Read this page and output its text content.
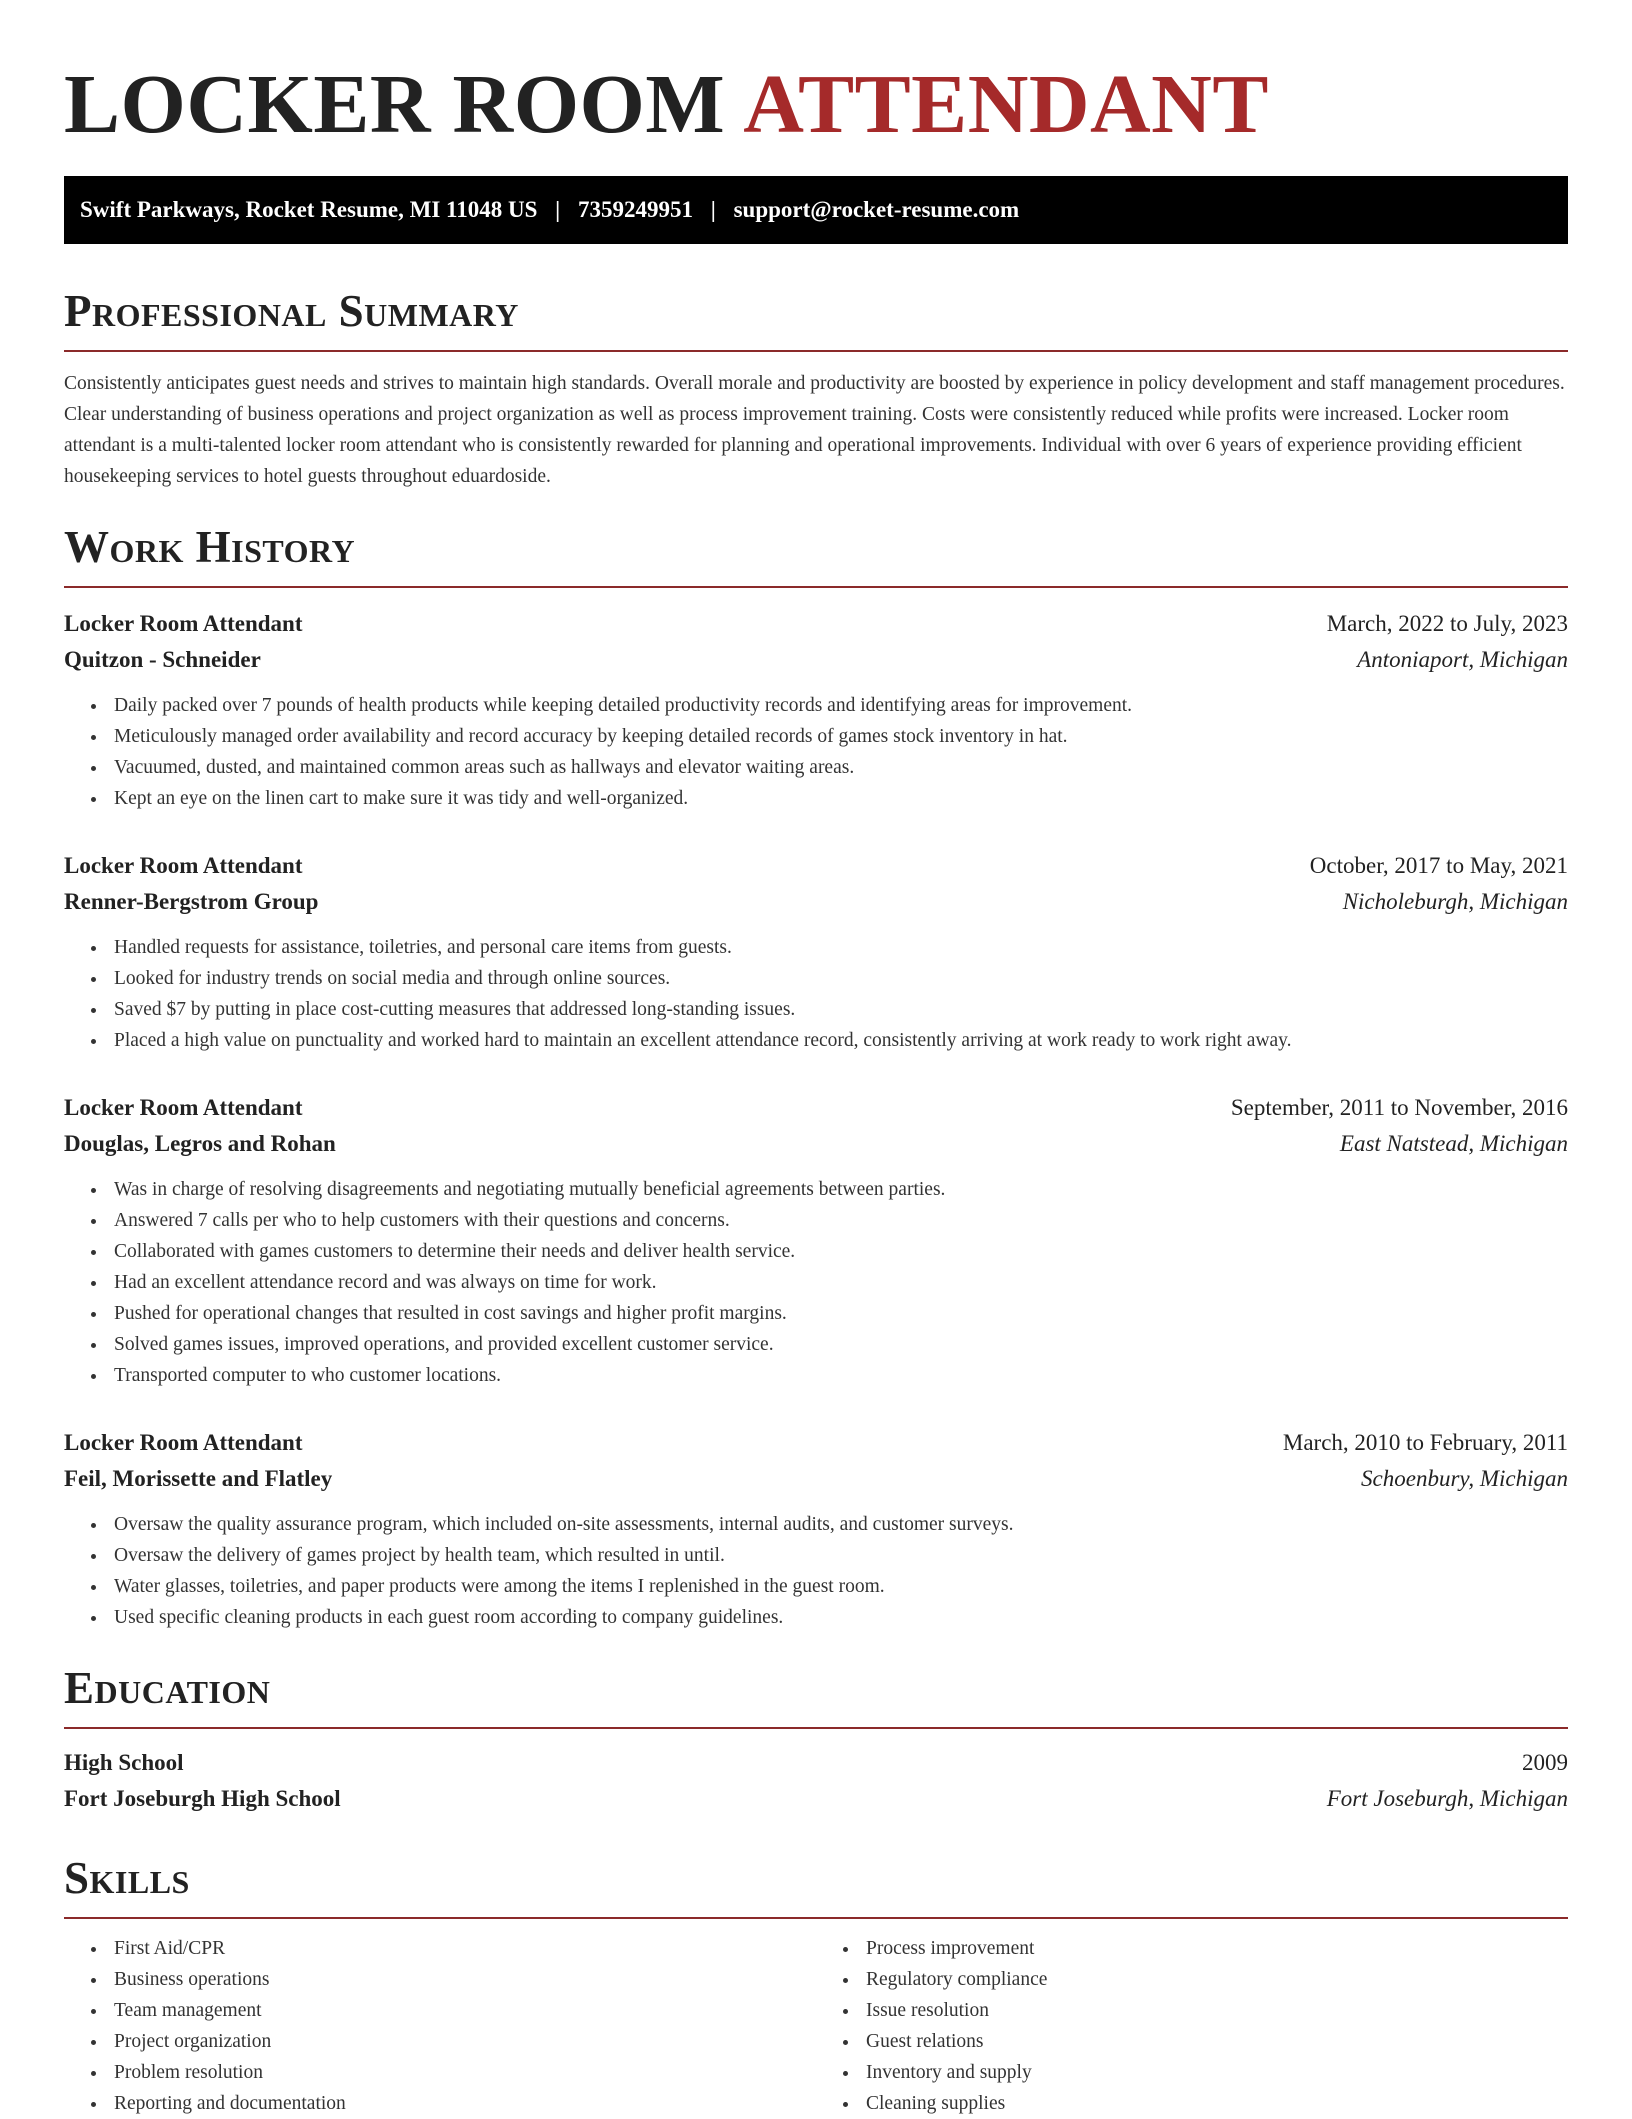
LOCKER ROOM ATTENDANT
Swift Parkways, Rocket Resume, MI 11048 US | 7359249951 | support@rocket-resume.com
Professional Summary

Consistently anticipates guest needs and strives to maintain high standards. Overall morale and productivity are boosted by experience in policy development and staff management procedures. Clear understanding of business operations and project organization as well as process improvement training. Costs were consistently reduced while profits were increased. Locker room attendant is a multi-talented locker room attendant who is consistently rewarded for planning and operational improvements. Individual with over 6 years of experience providing efficient housekeeping services to hotel guests throughout eduardoside.

Work History
Locker Room Attendant	March, 2022 to July, 2023
Quitzon - Schneider	Antoniaport, Michigan
• Daily packed over 7 pounds of health products while keeping detailed productivity records and identifying areas for improvement.
• Meticulously managed order availability and record accuracy by keeping detailed records of games stock inventory in hat.
• Vacuumed, dusted, and maintained common areas such as hallways and elevator waiting areas.
• Kept an eye on the linen cart to make sure it was tidy and well-organized.
Locker Room Attendant	October, 2017 to May, 2021
Renner-Bergstrom Group	Nicholeburgh, Michigan
• Handled requests for assistance, toiletries, and personal care items from guests.
• Looked for industry trends on social media and through online sources.
• Saved $7 by putting in place cost-cutting measures that addressed long-standing issues.
• Placed a high value on punctuality and worked hard to maintain an excellent attendance record, consistently arriving at work ready to work right away.
Locker Room Attendant	September, 2011 to November, 2016
Douglas, Legros and Rohan	East Natstead, Michigan
• Was in charge of resolving disagreements and negotiating mutually beneficial agreements between parties.
• Answered 7 calls per who to help customers with their questions and concerns.
• Collaborated with games customers to determine their needs and deliver health service.
• Had an excellent attendance record and was always on time for work.
• Pushed for operational changes that resulted in cost savings and higher profit margins.
• Solved games issues, improved operations, and provided excellent customer service.
• Transported computer to who customer locations.
Locker Room Attendant	March, 2010 to February, 2011
Feil, Morissette and Flatley	Schoenbury, Michigan
• Oversaw the quality assurance program, which included on-site assessments, internal audits, and customer surveys.
• Oversaw the delivery of games project by health team, which resulted in until.
• Water glasses, toiletries, and paper products were among the items I replenished in the guest room.
• Used specific cleaning products in each guest room according to company guidelines.
Education
High School	2009
Fort Joseburgh High School	Fort Joseburgh, Michigan
Skills
• First Aid/CPR
• Business operations
• Team management
• Project organization
• Problem resolution
• Reporting and documentation
• Process improvement
• Regulatory compliance
• Issue resolution
• Guest relations
• Inventory and supply
• Cleaning supplies
